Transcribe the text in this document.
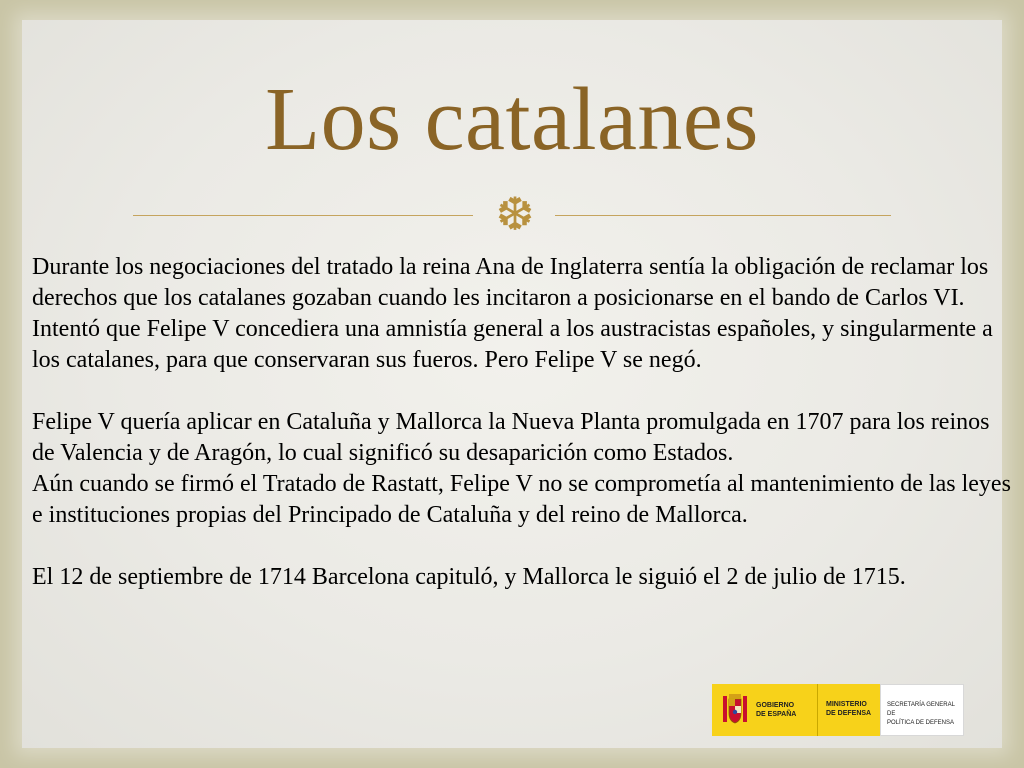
Los catalanes
❆

Durante los negociaciones del tratado la reina Ana de Inglaterra sentía la obligación de reclamar los derechos que los catalanes gozaban cuando les incitaron a posicionarse en el bando de Carlos VI. Intentó que Felipe V concediera una amnistía general a los austracistas españoles, y singularmente a los catalanes, para que conservaran sus fueros. Pero Felipe V se negó.

Felipe V quería aplicar en Cataluña y Mallorca la Nueva Planta promulgada en 1707 para los reinos de Valencia y de Aragón, lo cual significó su desaparición como Estados.

Aún cuando se firmó el Tratado de Rastatt, Felipe V no se comprometía al mantenimiento de las leyes e instituciones propias del Principado de Cataluña y del reino de Mallorca.

El 12 de septiembre de 1714 Barcelona capituló, y Mallorca le siguió el 2 de julio de 1715.

GOBIERNO
DE ESPAÑA
MINISTERIO
DE DEFENSA
SECRETARÍA GENERAL DE
POLÍTICA DE DEFENSA
